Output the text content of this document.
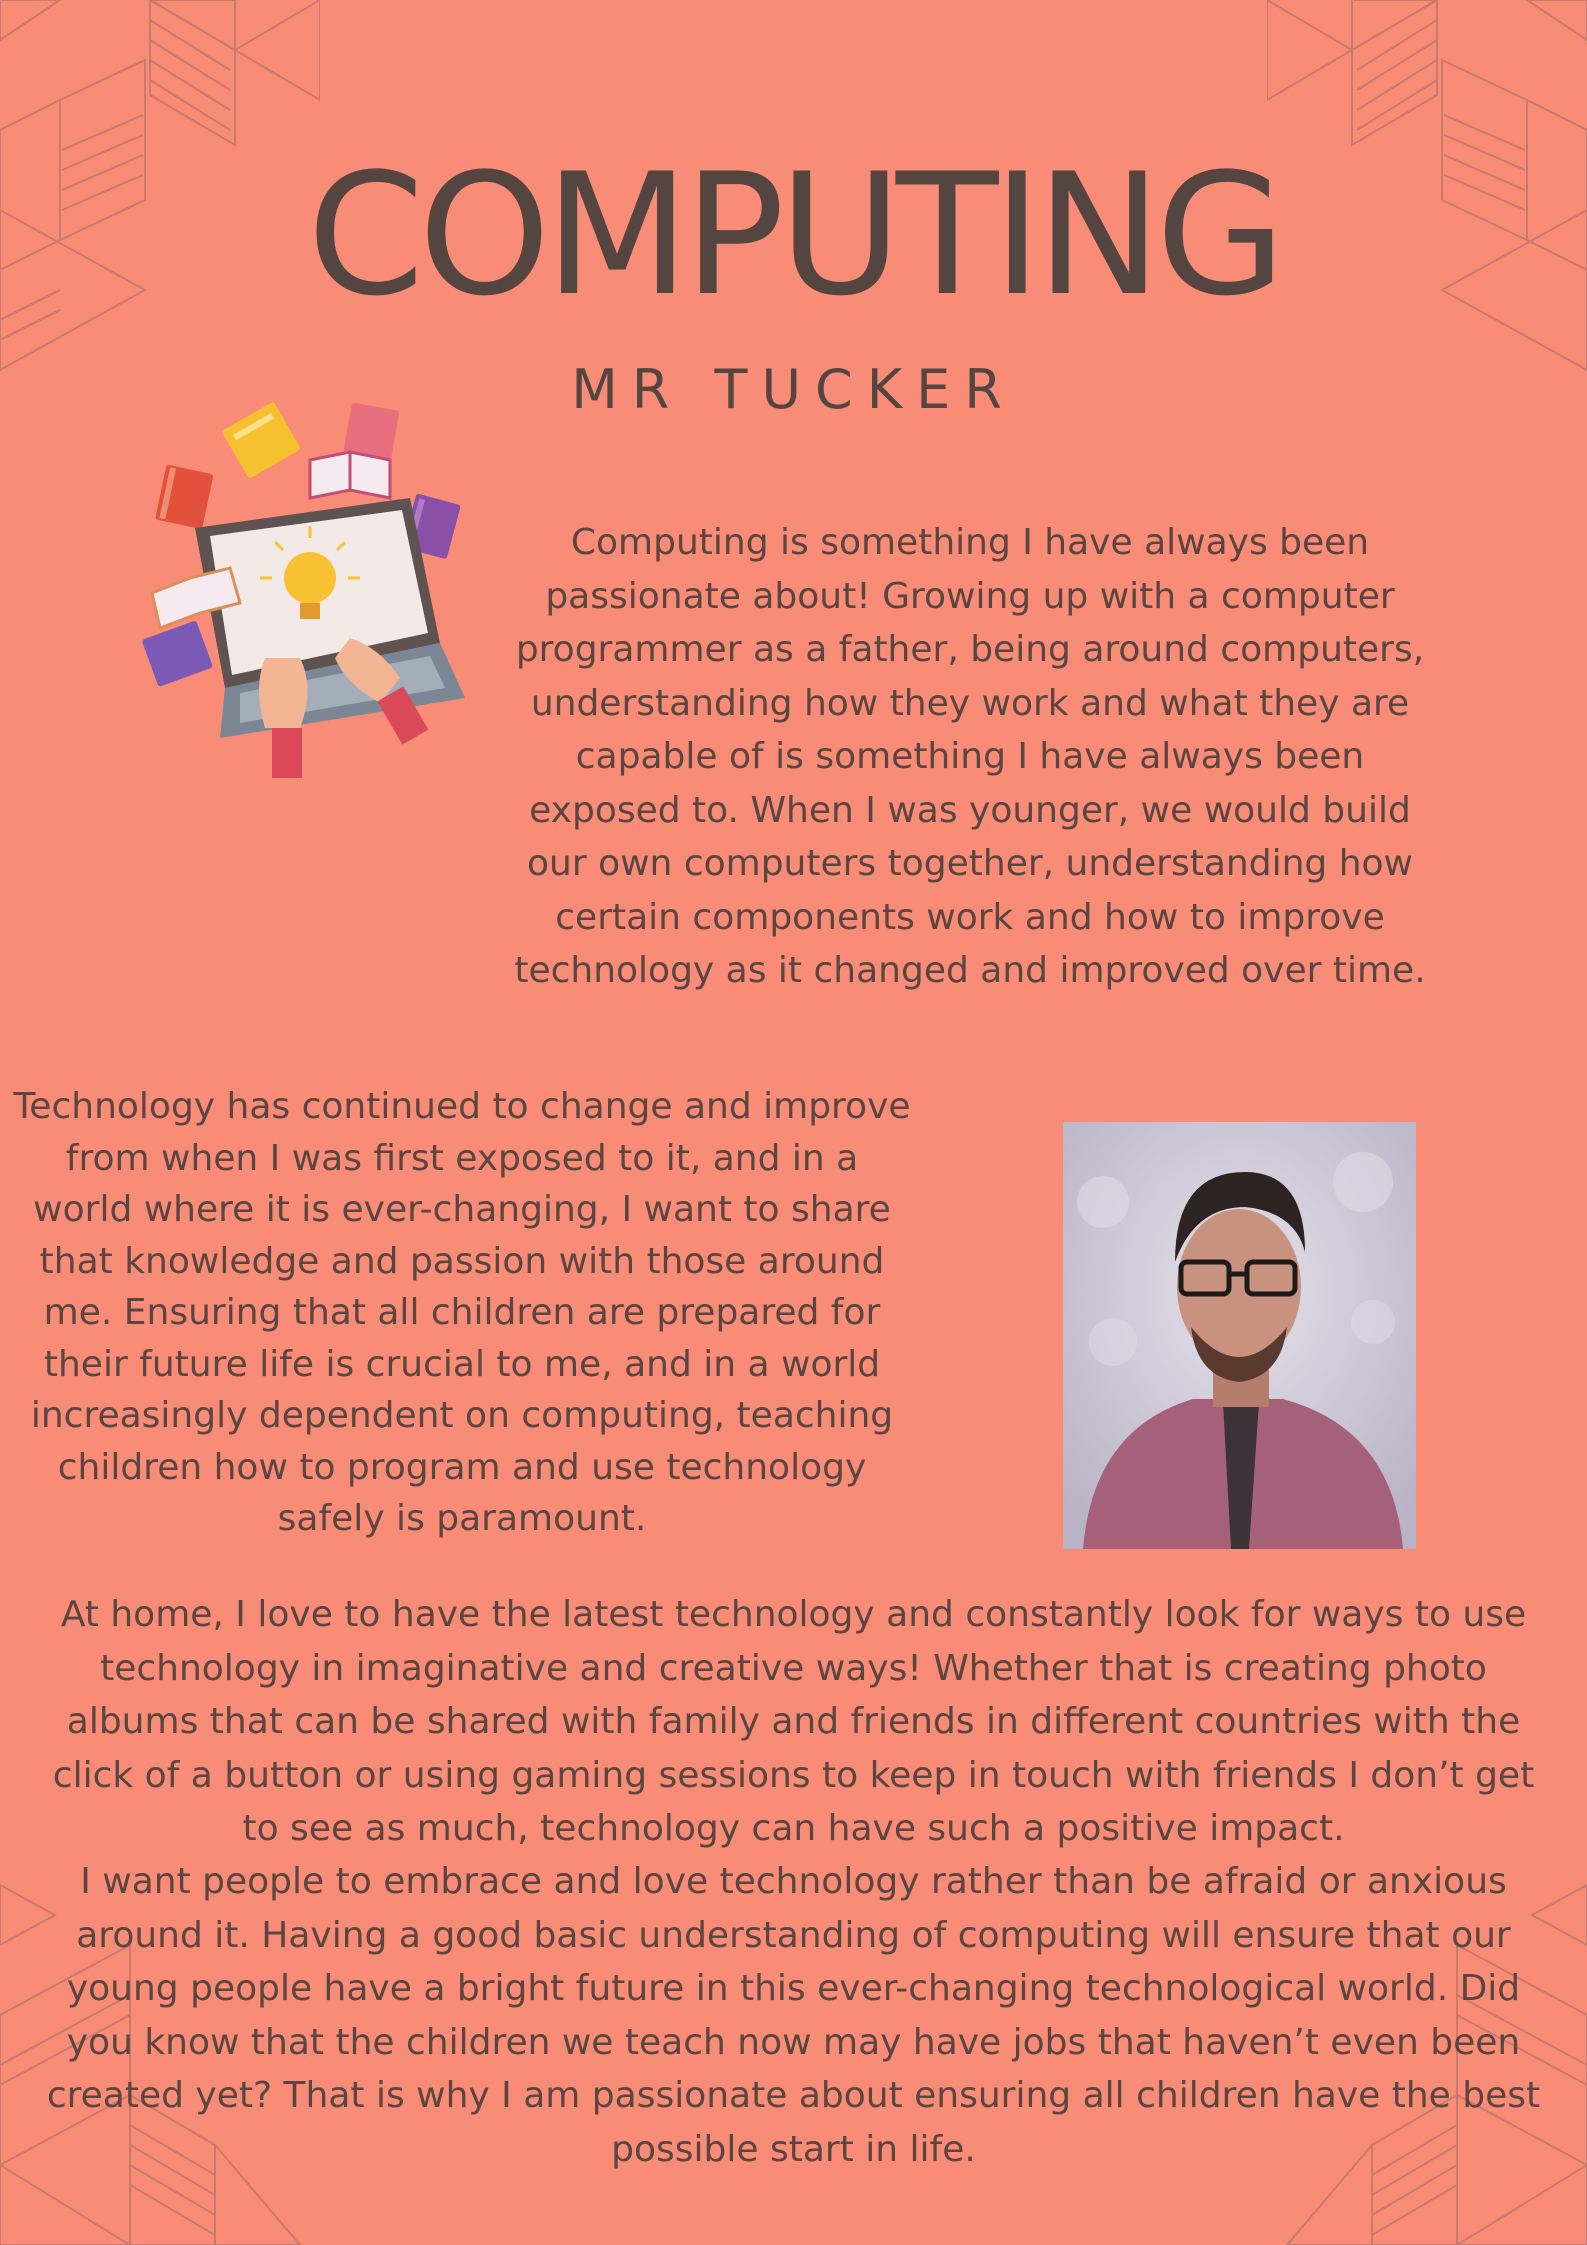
COMPUTING
MR TUCKER
Computing is something I have always been passionate about! Growing up with a computer programmer as a father, being around computers, understanding how they work and what they are capable of is something I have always been exposed to. When I was younger, we would build our own computers together, understanding how certain components work and how to improve technology as it changed and improved over time.
Technology has continued to change and improve from when I was first exposed to it, and in a world where it is ever-changing, I want to share that knowledge and passion with those around me. Ensuring that all children are prepared for their future life is crucial to me, and in a world increasingly dependent on computing, teaching children how to program and use technology safely is paramount.
At home, I love to have the latest technology and constantly look for ways to use technology in imaginative and creative ways! Whether that is creating photo albums that can be shared with family and friends in different countries with the click of a button or using gaming sessions to keep in touch with friends I don’t get to see as much, technology can have such a positive impact.
I want people to embrace and love technology rather than be afraid or anxious around it. Having a good basic understanding of computing will ensure that our young people have a bright future in this ever-changing technological world. Did you know that the children we teach now may have jobs that haven’t even been created yet? That is why I am passionate about ensuring all children have the best possible start in life.
